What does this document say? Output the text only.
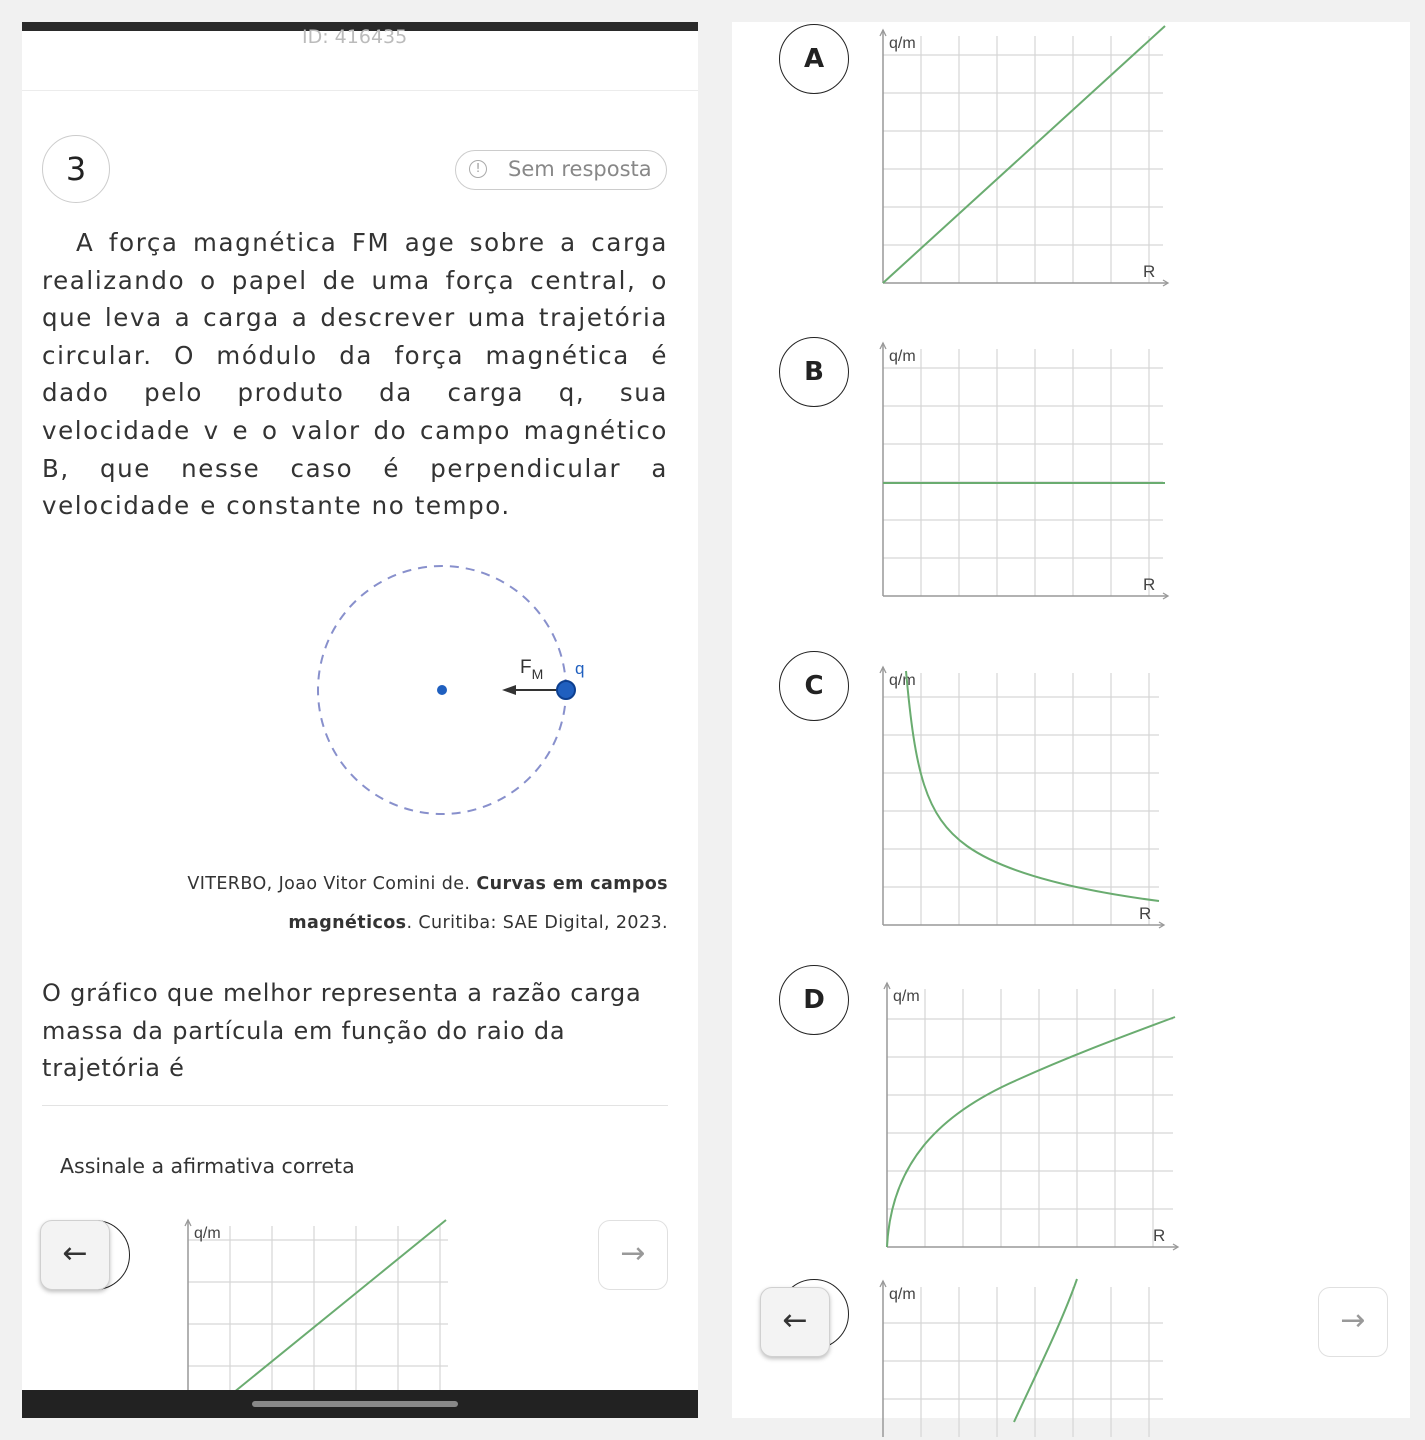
ID: 416435
3	!	Sem resposta

A força magnética FM age sobre a carga realizando o papel de uma força central, o que leva a carga a descrever uma trajetória circular. O módulo da força magnética é dado pelo produto da carga q, sua velocidade v e o valor do campo magnético B, que nesse caso é perpendicular a velocidade e constante no tempo.

$F_M$ q
VITERBO, Joao Vitor Comini de. Curvas em campos magnéticos. Curitiba: SAE Digital, 2023.

O gráfico que melhor representa a razão carga massa da partícula em função do raio da trajetória é

Assinale a afirmativa correta
←
q/m
→
A
R
q/m
B
R
q/m
C
R
q/m
D
R
q/m
←
q/m
→
